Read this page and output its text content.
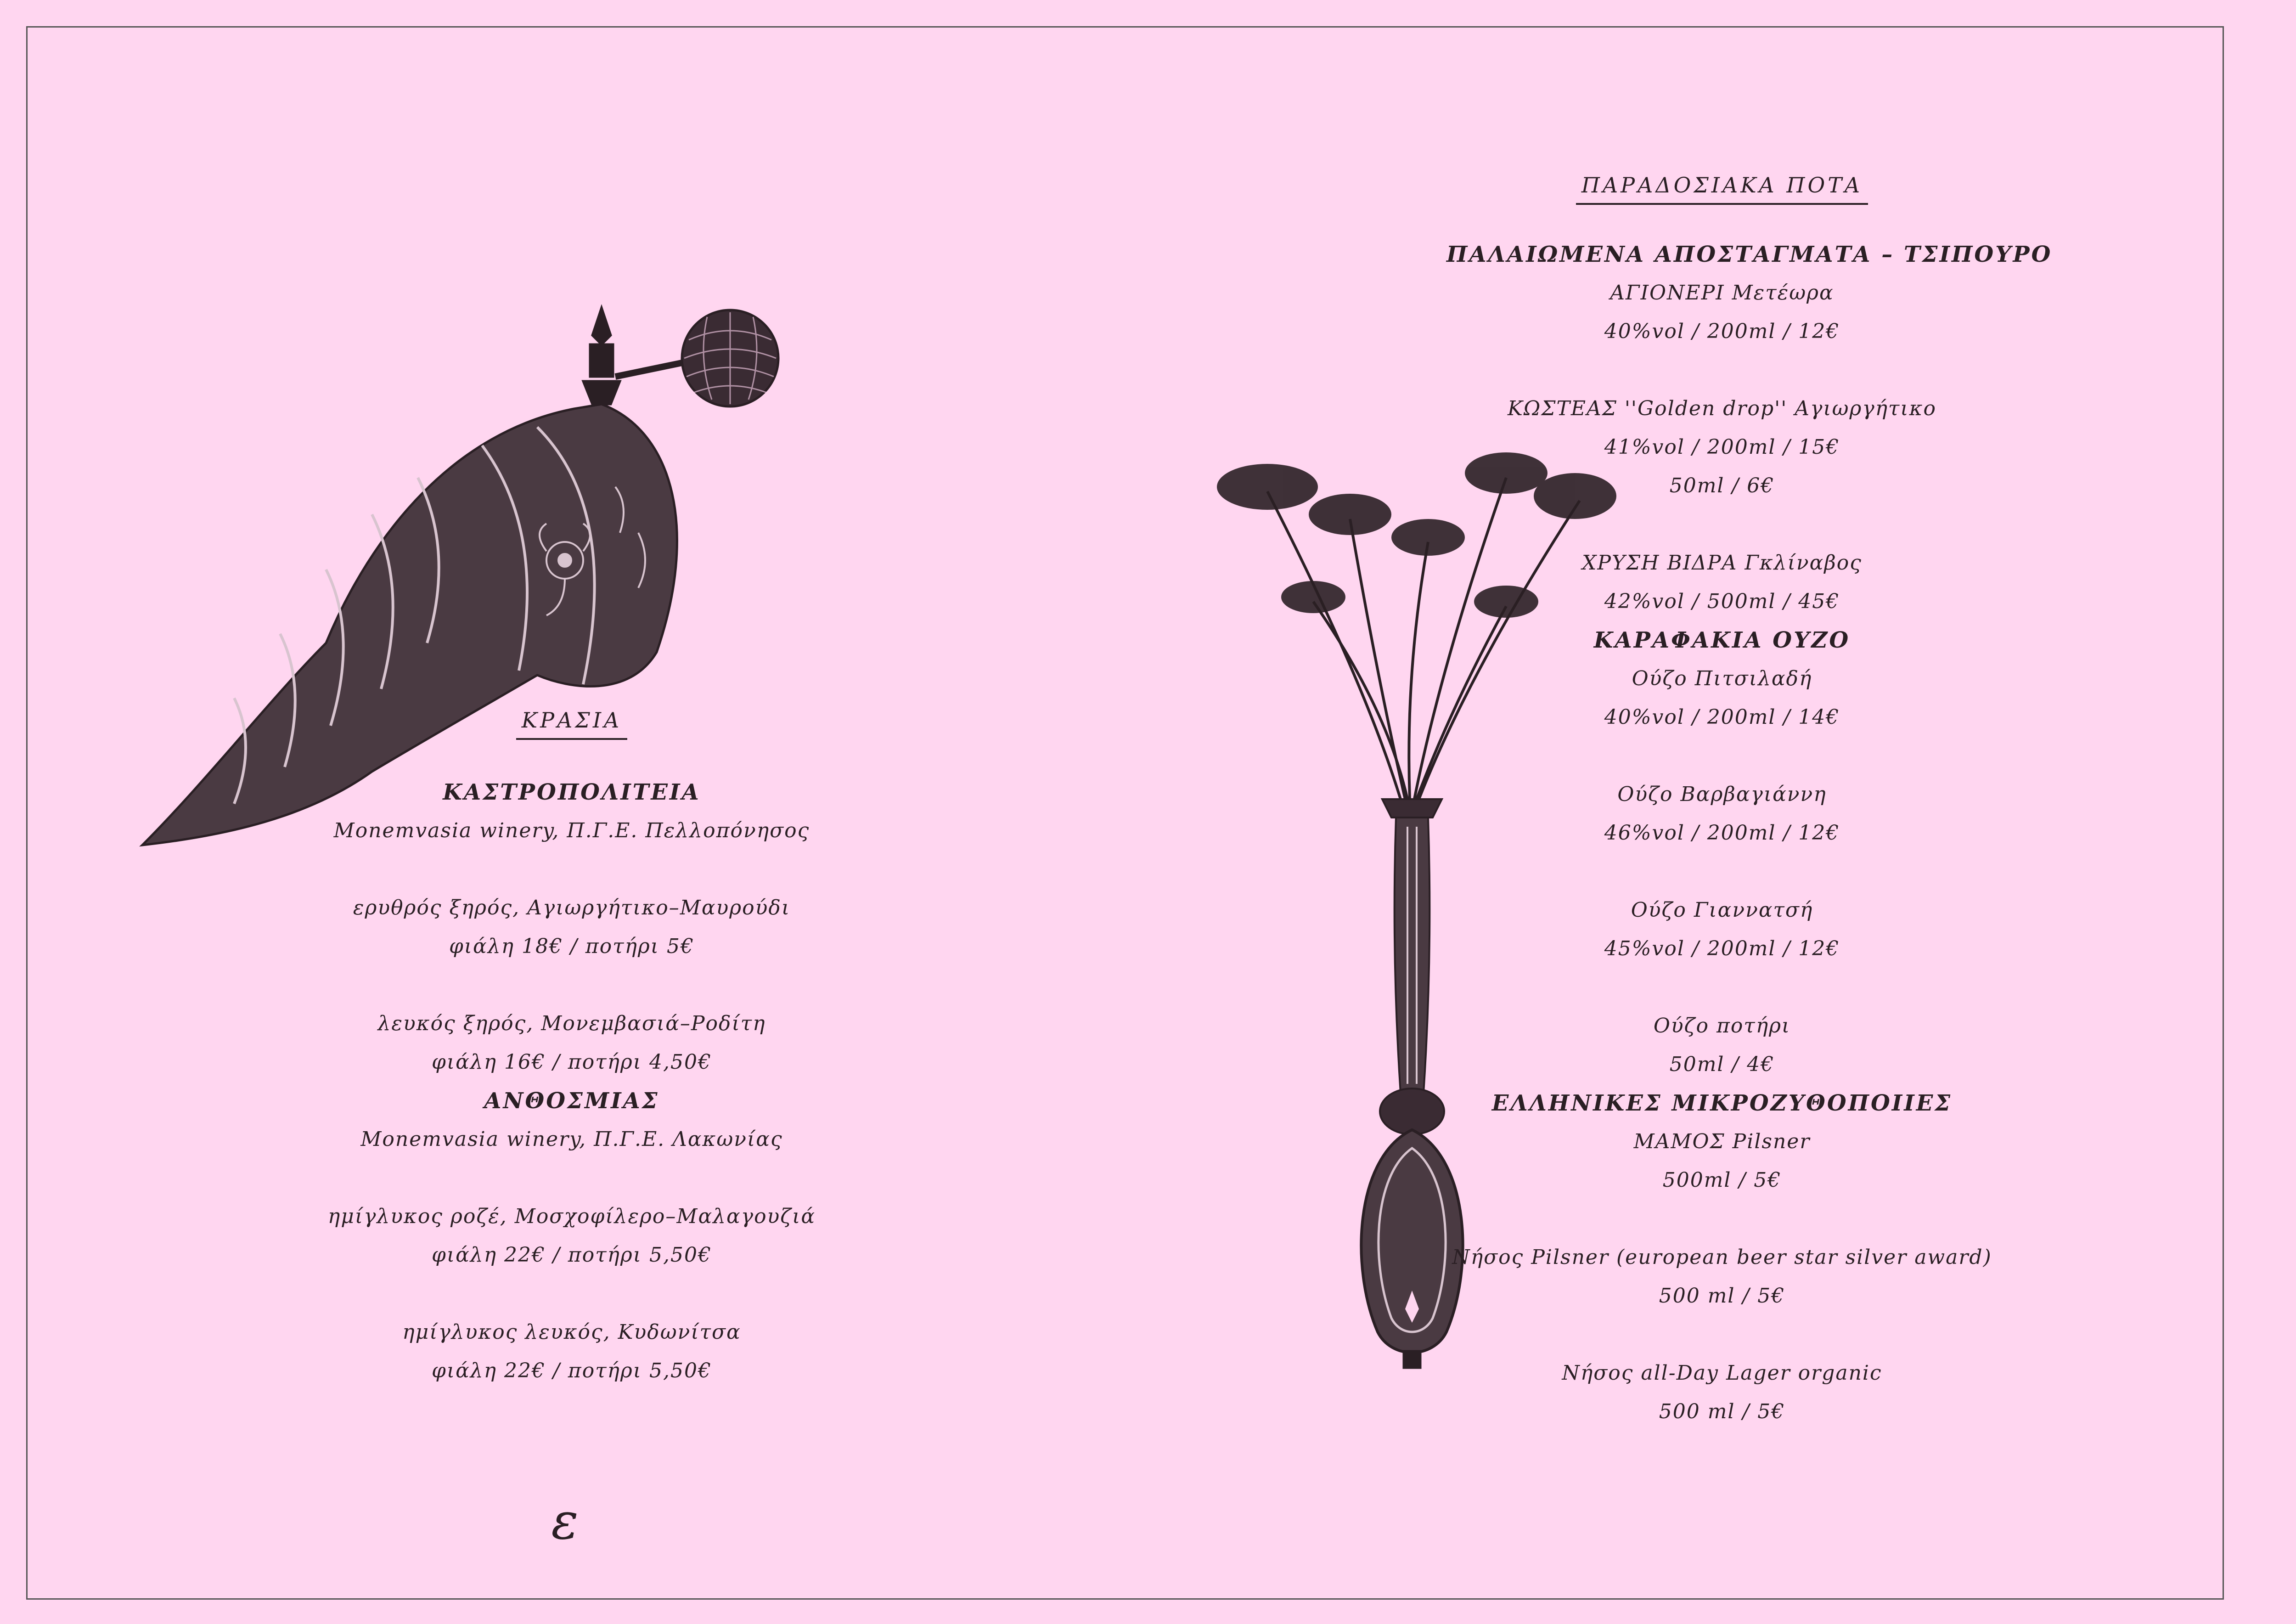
ΚΡΑΣΙΑ
ΚΑΣΤΡΟΠΟΛΙΤΕΙΑ
Monemvasia winery, Π.Γ.Ε. Πελλοπόνησος
ερυθρός ξηρός, Αγιωργήτικο–Μαυρούδι
φιάλη 18€ / ποτήρι 5€
λευκός ξηρός, Μονεμβασιά–Ροδίτη
φιάλη 16€ / ποτήρι 4,50€
ΑΝΘΟΣΜΙΑΣ
Monemvasia winery, Π.Γ.Ε. Λακωνίας
ημίγλυκος ροζέ, Μοσχοφίλερο–Μαλαγουζιά
φιάλη 22€ / ποτήρι 5,50€
ημίγλυκος λευκός, Κυδωνίτσα
φιάλη 22€ / ποτήρι 5,50€
ε
ΠΑΡΑΔΟΣΙΑΚΑ ΠΟΤΑ
ΠΑΛΑΙΩΜΕΝΑ ΑΠΟΣΤΑΓΜΑΤΑ – ΤΣΙΠΟΥΡΟ
ΑΓΙΟΝΕΡΙ Μετέωρα
40%vol / 200ml / 12€
ΚΩΣΤΕΑΣ ''Golden drop'' Αγιωργήτικο
41%vol / 200ml / 15€
50ml / 6€
ΧΡΥΣΗ ΒΙΔΡΑ Γκλίναβος
42%vol / 500ml / 45€
ΚΑΡΑΦΑΚΙΑ ΟΥΖΟ
Ούζο Πιτσιλαδή
40%vol / 200ml / 14€
Ούζο Βαρβαγιάννη
46%vol / 200ml / 12€
Ούζο Γιαννατσή
45%vol / 200ml / 12€
Ούζο ποτήρι
50ml / 4€
ΕΛΛΗΝΙΚΕΣ ΜΙΚΡΟΖΥΘΟΠΟΙΙΕΣ
ΜΑΜΟΣ Pilsner
500ml / 5€
Νήσος Pilsner (european beer star silver award)
500 ml / 5€
Νήσος all-Day Lager organic
500 ml / 5€
